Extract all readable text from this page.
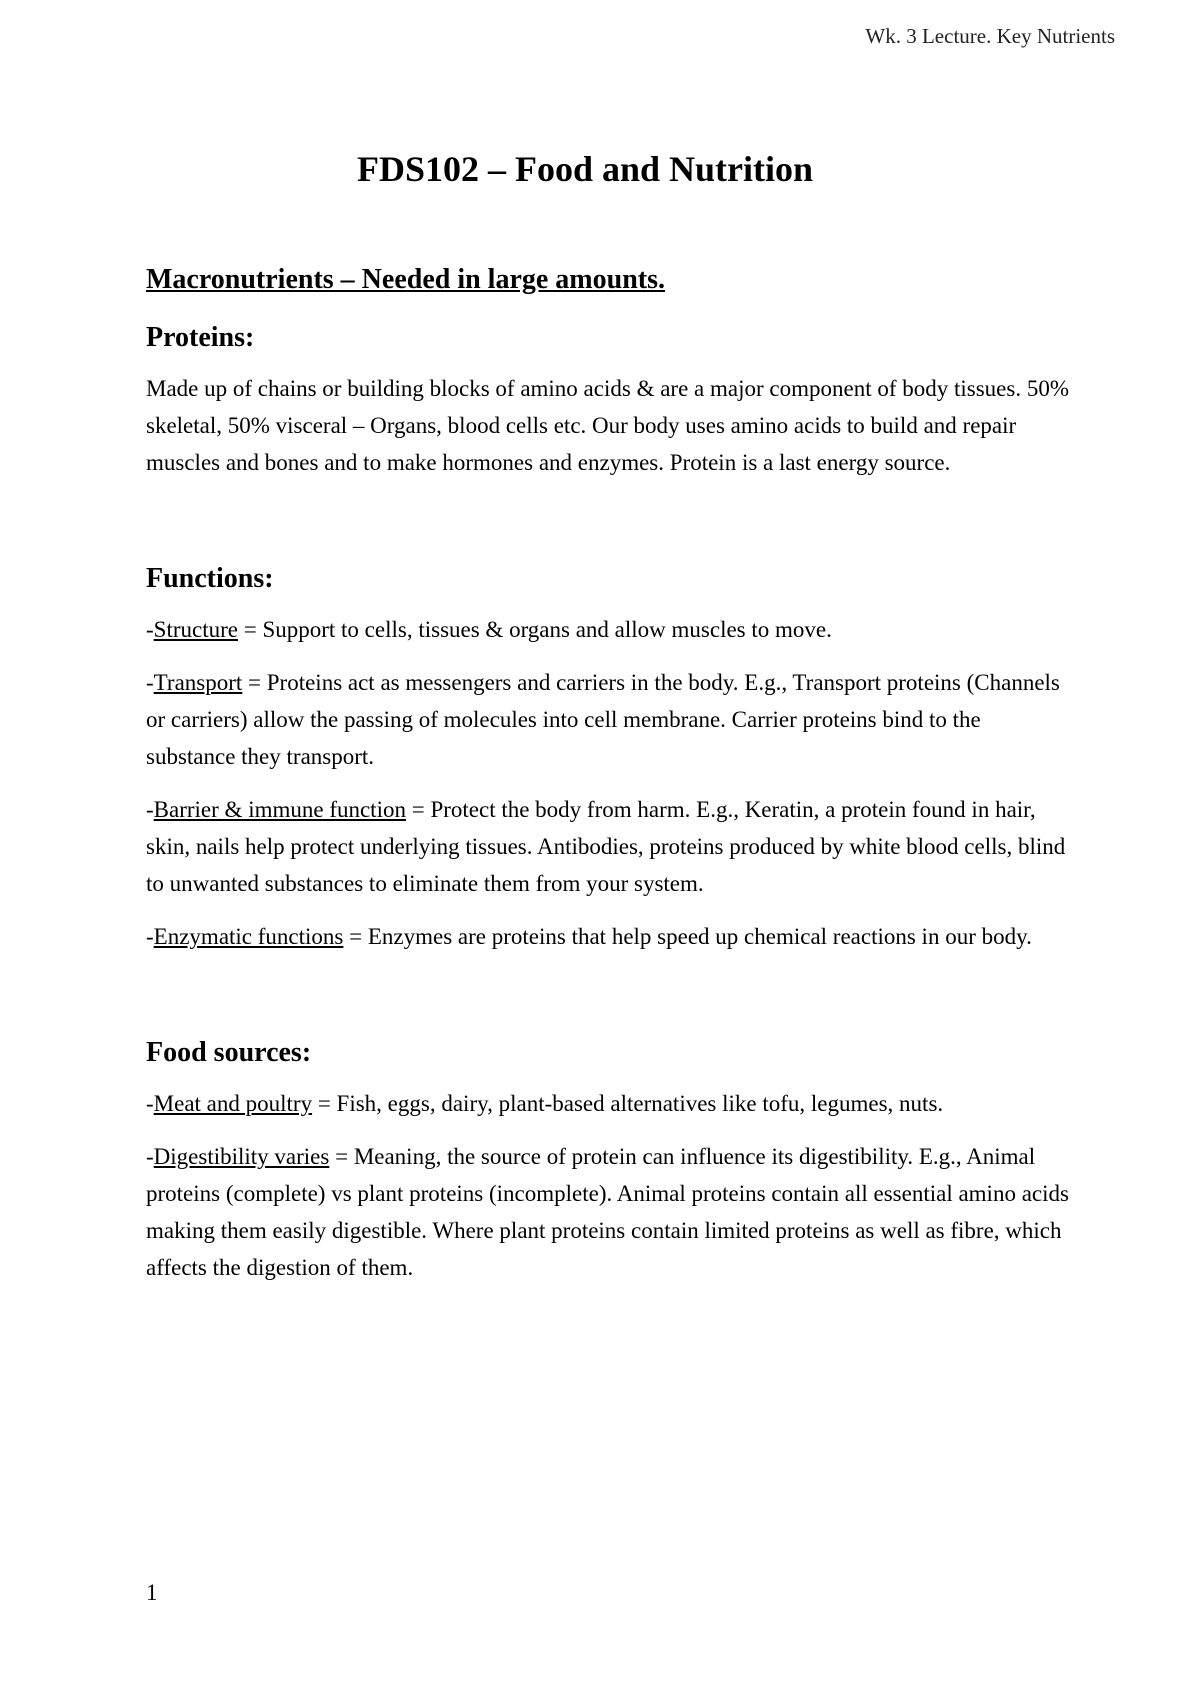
Wk. 3 Lecture. Key Nutrients
FDS102 – Food and Nutrition
Macronutrients – Needed in large amounts.
Proteins:

Made up of chains or building blocks of amino acids & are a major component of body tissues. 50% skeletal, 50% visceral – Organs, blood cells etc. Our body uses amino acids to build and repair muscles and bones and to make hormones and enzymes. Protein is a last energy source.

Functions:

-Structure = Support to cells, tissues & organs and allow muscles to move.

-Transport = Proteins act as messengers and carriers in the body. E.g., Transport proteins (Channels or carriers) allow the passing of molecules into cell membrane. Carrier proteins bind to the substance they transport.

-Barrier & immune function = Protect the body from harm. E.g., Keratin, a protein found in hair, skin, nails help protect underlying tissues. Antibodies, proteins produced by white blood cells, blind to unwanted substances to eliminate them from your system.

-Enzymatic functions = Enzymes are proteins that help speed up chemical reactions in our body.

Food sources:

-Meat and poultry = Fish, eggs, dairy, plant-based alternatives like tofu, legumes, nuts.

-Digestibility varies = Meaning, the source of protein can influence its digestibility. E.g., Animal proteins (complete) vs plant proteins (incomplete). Animal proteins contain all essential amino acids making them easily digestible. Where plant proteins contain limited proteins as well as fibre, which affects the digestion of them.

1
